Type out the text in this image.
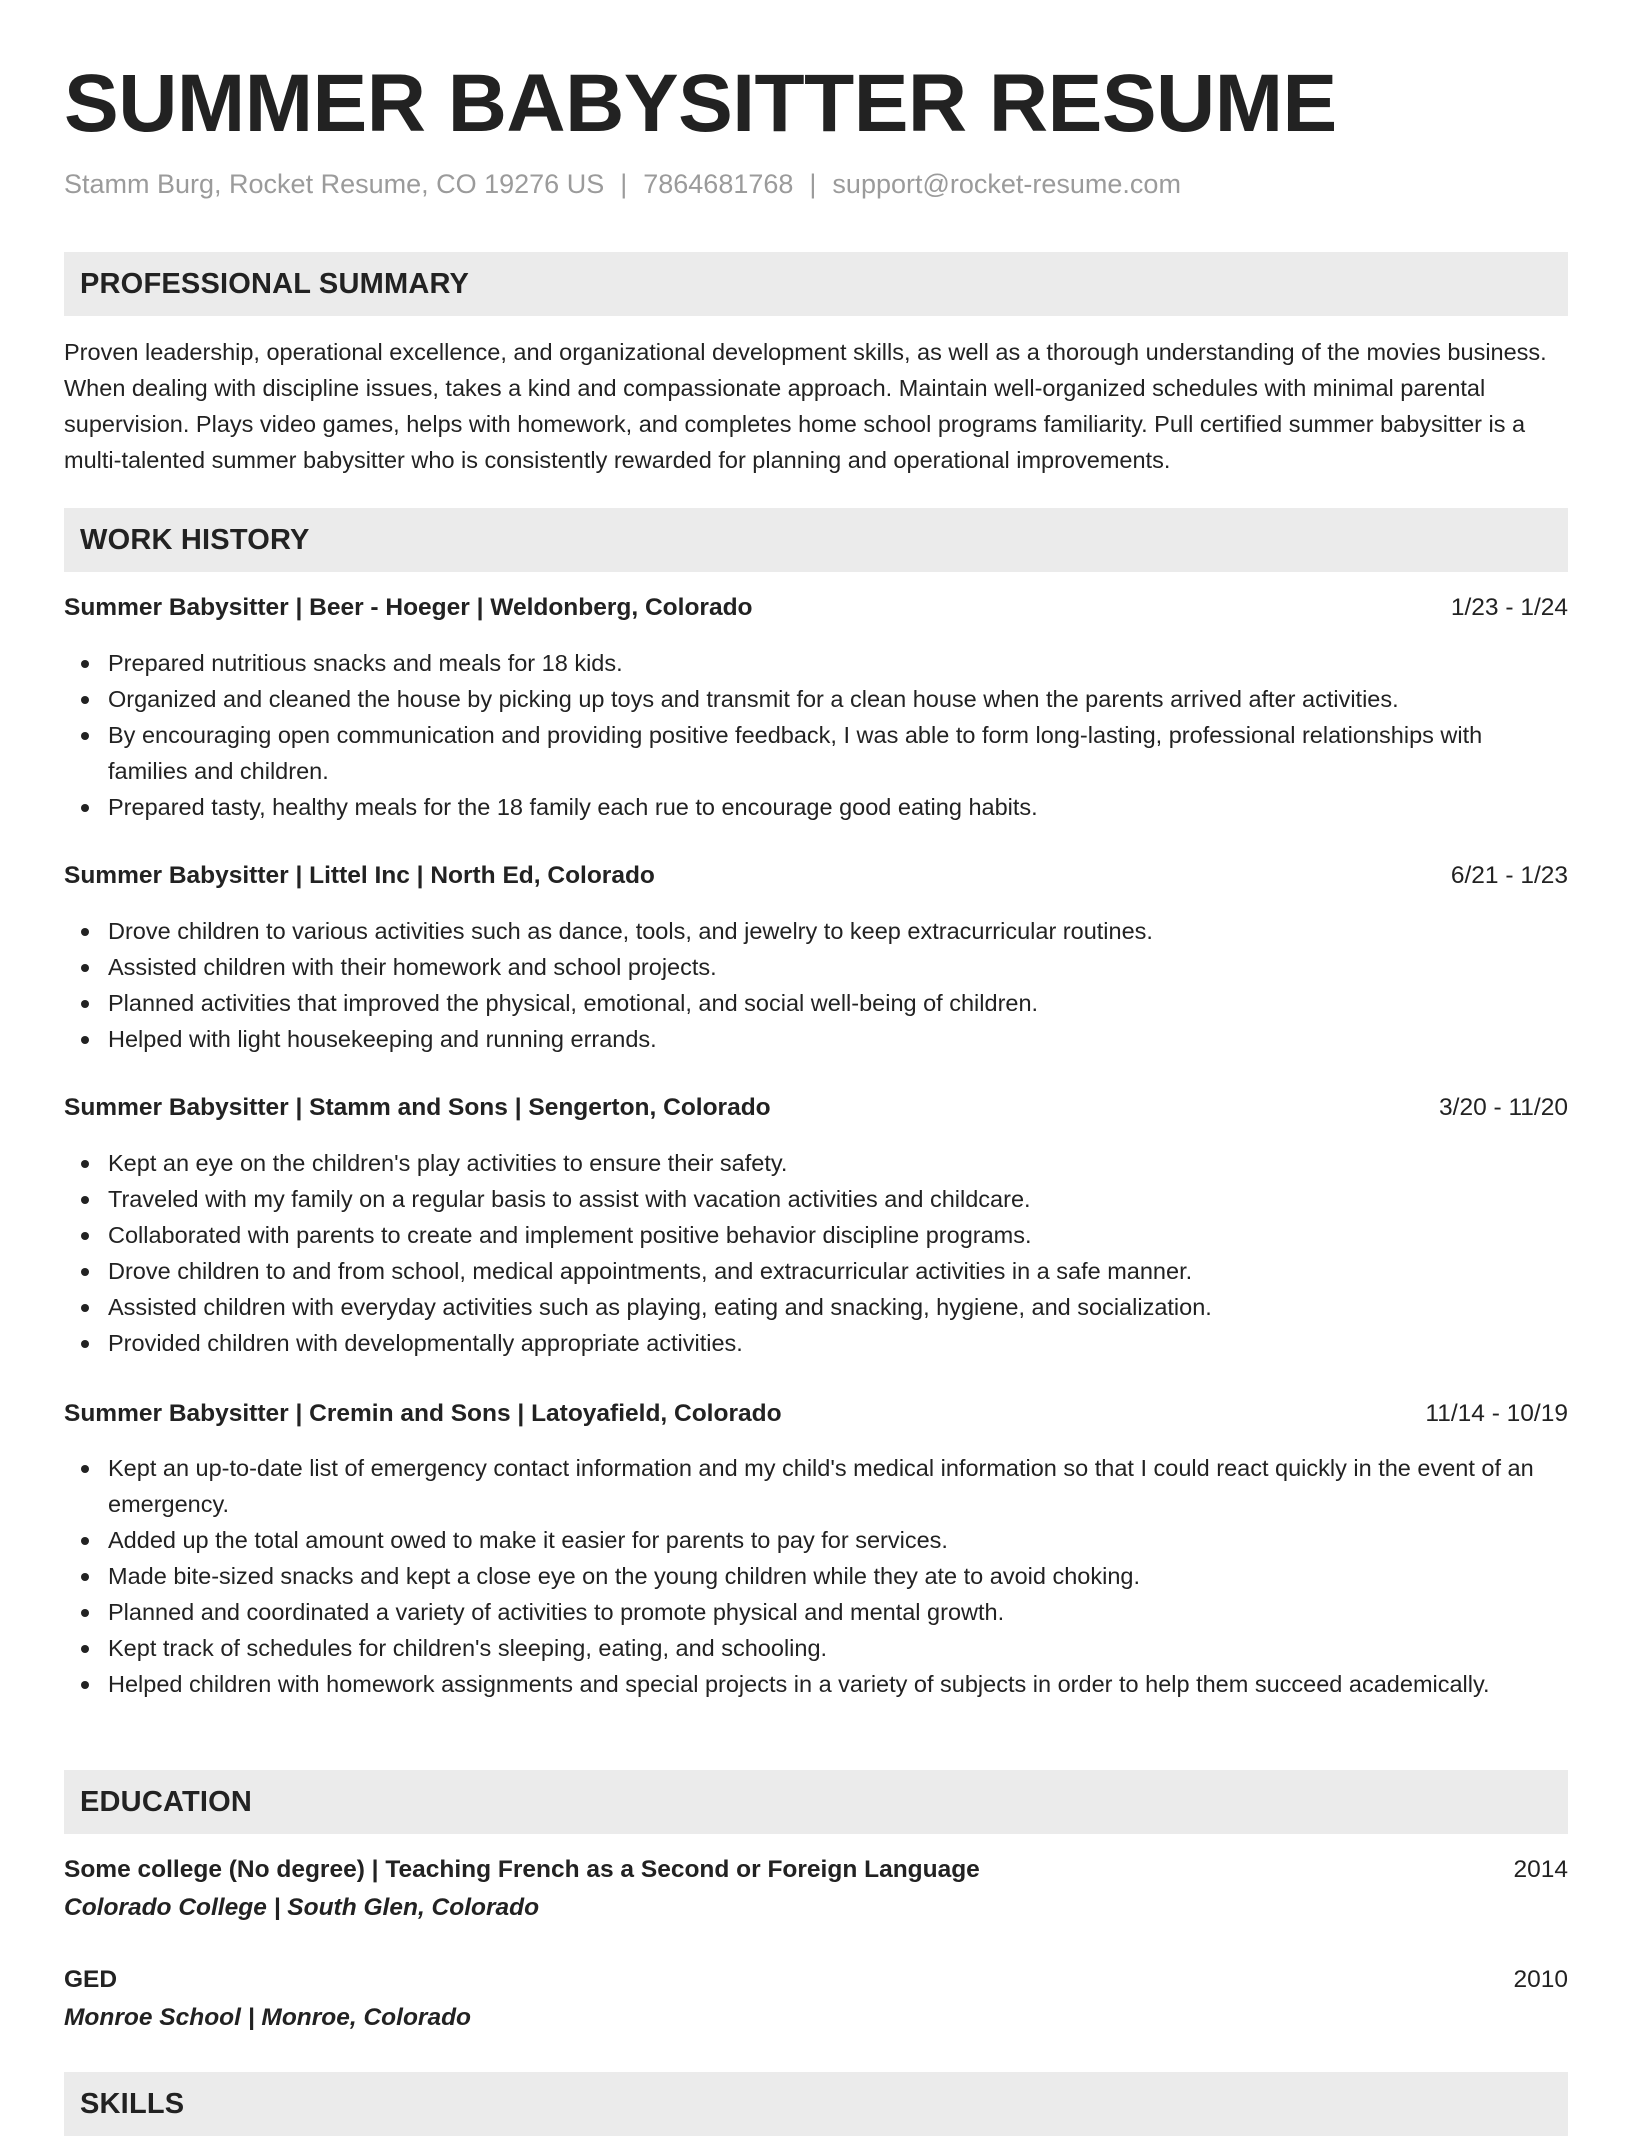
SUMMER BABYSITTER RESUME
Stamm Burg, Rocket Resume, CO 19276 US | 7864681768 | support@rocket-resume.com
PROFESSIONAL SUMMARY

Proven leadership, operational excellence, and organizational development skills, as well as a thorough understanding of the movies business. When dealing with discipline issues, takes a kind and compassionate approach. Maintain well-organized schedules with minimal parental supervision. Plays video games, helps with homework, and completes home school programs familiarity. Pull certified summer babysitter is a multi-talented summer babysitter who is consistently rewarded for planning and operational improvements.

WORK HISTORY
Summer Babysitter | Beer - Hoeger | Weldonberg, Colorado	1/23 - 1/24
Prepared nutritious snacks and meals for 18 kids.
Organized and cleaned the house by picking up toys and transmit for a clean house when the parents arrived after activities.
By encouraging open communication and providing positive feedback, I was able to form long-lasting, professional relationships with families and children.
Prepared tasty, healthy meals for the 18 family each rue to encourage good eating habits.
Summer Babysitter | Littel Inc | North Ed, Colorado	6/21 - 1/23
Drove children to various activities such as dance, tools, and jewelry to keep extracurricular routines.
Assisted children with their homework and school projects.
Planned activities that improved the physical, emotional, and social well-being of children.
Helped with light housekeeping and running errands.
Summer Babysitter | Stamm and Sons | Sengerton, Colorado	3/20 - 11/20
Kept an eye on the children's play activities to ensure their safety.
Traveled with my family on a regular basis to assist with vacation activities and childcare.
Collaborated with parents to create and implement positive behavior discipline programs.
Drove children to and from school, medical appointments, and extracurricular activities in a safe manner.
Assisted children with everyday activities such as playing, eating and snacking, hygiene, and socialization.
Provided children with developmentally appropriate activities.
Summer Babysitter | Cremin and Sons | Latoyafield, Colorado	11/14 - 10/19
Kept an up-to-date list of emergency contact information and my child's medical information so that I could react quickly in the event of an emergency.
Added up the total amount owed to make it easier for parents to pay for services.
Made bite-sized snacks and kept a close eye on the young children while they ate to avoid choking.
Planned and coordinated a variety of activities to promote physical and mental growth.
Kept track of schedules for children's sleeping, eating, and schooling.
Helped children with homework assignments and special projects in a variety of subjects in order to help them succeed academically.
EDUCATION
Some college (No degree) | Teaching French as a Second or Foreign Language	2014
Colorado College | South Glen, Colorado
GED	2010
Monroe School | Monroe, Colorado
SKILLS
